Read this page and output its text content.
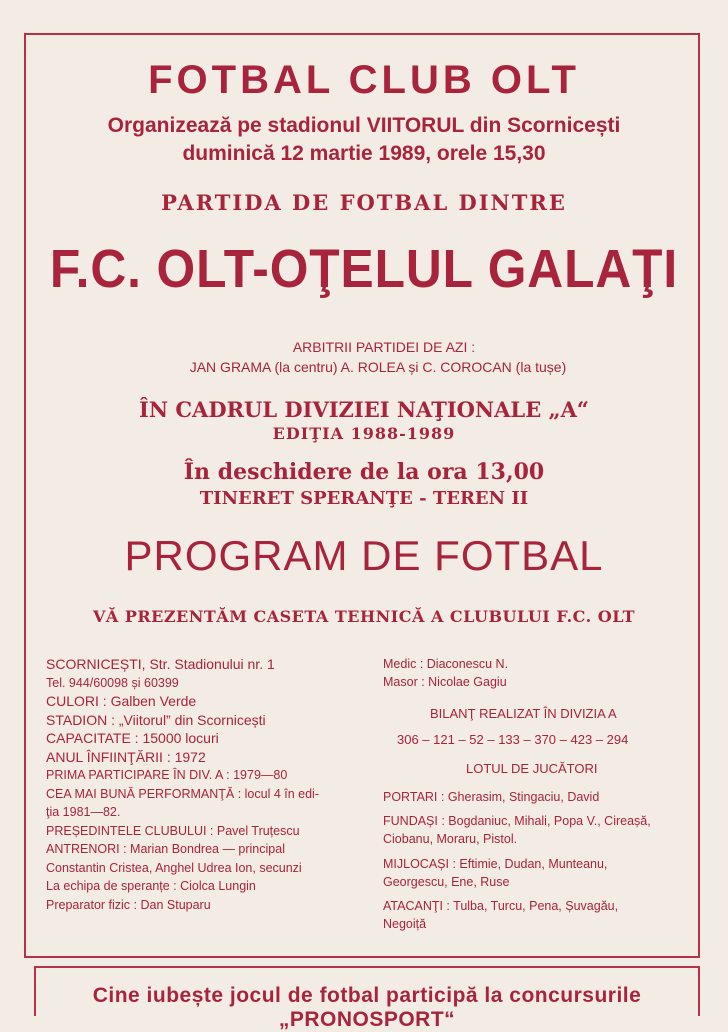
FOTBAL CLUB OLT
Organizează pe stadionul VIITORUL din Scornicești
duminică 12 martie 1989, orele 15,30
PARTIDA DE FOTBAL DINTRE
F.C. OLT-OŢELUL GALAŢI
ARBITRII PARTIDEI DE AZI :
JAN GRAMA (la centru) A. ROLEA și C. COROCAN (la tușe)
ÎN CADRUL DIVIZIEI NAŢIONALE „A“
EDIŢIA 1988-1989
În deschidere de la ora 13,00
TINERET SPERANŢE - TEREN II
PROGRAM DE FOTBAL
VĂ PREZENTĂM CASETA TEHNICĂ A CLUBULUI F.C. OLT
SCORNICEȘTI, Str. Stadionului nr. 1
Tel. 944/60098 și 60399
CULORI : Galben Verde
STADION : „Viitorul” din Scornicești
CAPACITATE : 15000 locuri
ANUL ÎNFIINŢĂRII : 1972
PRIMA PARTICIPARE ÎN DIV. A : 1979—80
CEA MAI BUNĂ PERFORMANŢĂ : locul 4 în edi-
ţia 1981—82.
PREȘEDINTELE CLUBULUI : Pavel Truțescu
ANTRENORI : Marian Bondrea — principal
Constantin Cristea, Anghel Udrea Ion, secunzi
La echipa de speranțe : Ciolca Lungin
Preparator fizic : Dan Stuparu
Medic : Diaconescu N.
Masor : Nicolae Gagiu
BILANŢ REALIZAT ÎN DIVIZIA A
306 – 121 – 52 – 133 – 370 – 423 – 294
LOTUL DE JUCĂTORI
PORTARI : Gherasim, Stingaciu, David
FUNDAȘI : Bogdaniuc, Mihali, Popa V., Cireașă,
Ciobanu, Moraru, Pistol.
MIJLOCAȘI : Eftimie, Dudan, Munteanu,
Georgescu, Ene, Ruse
ATACANŢI : Tulba, Turcu, Pena, Șuvagău,
Negoiță
Cine iubește jocul de fotbal participă la concursurile „PRONOSPORT“
